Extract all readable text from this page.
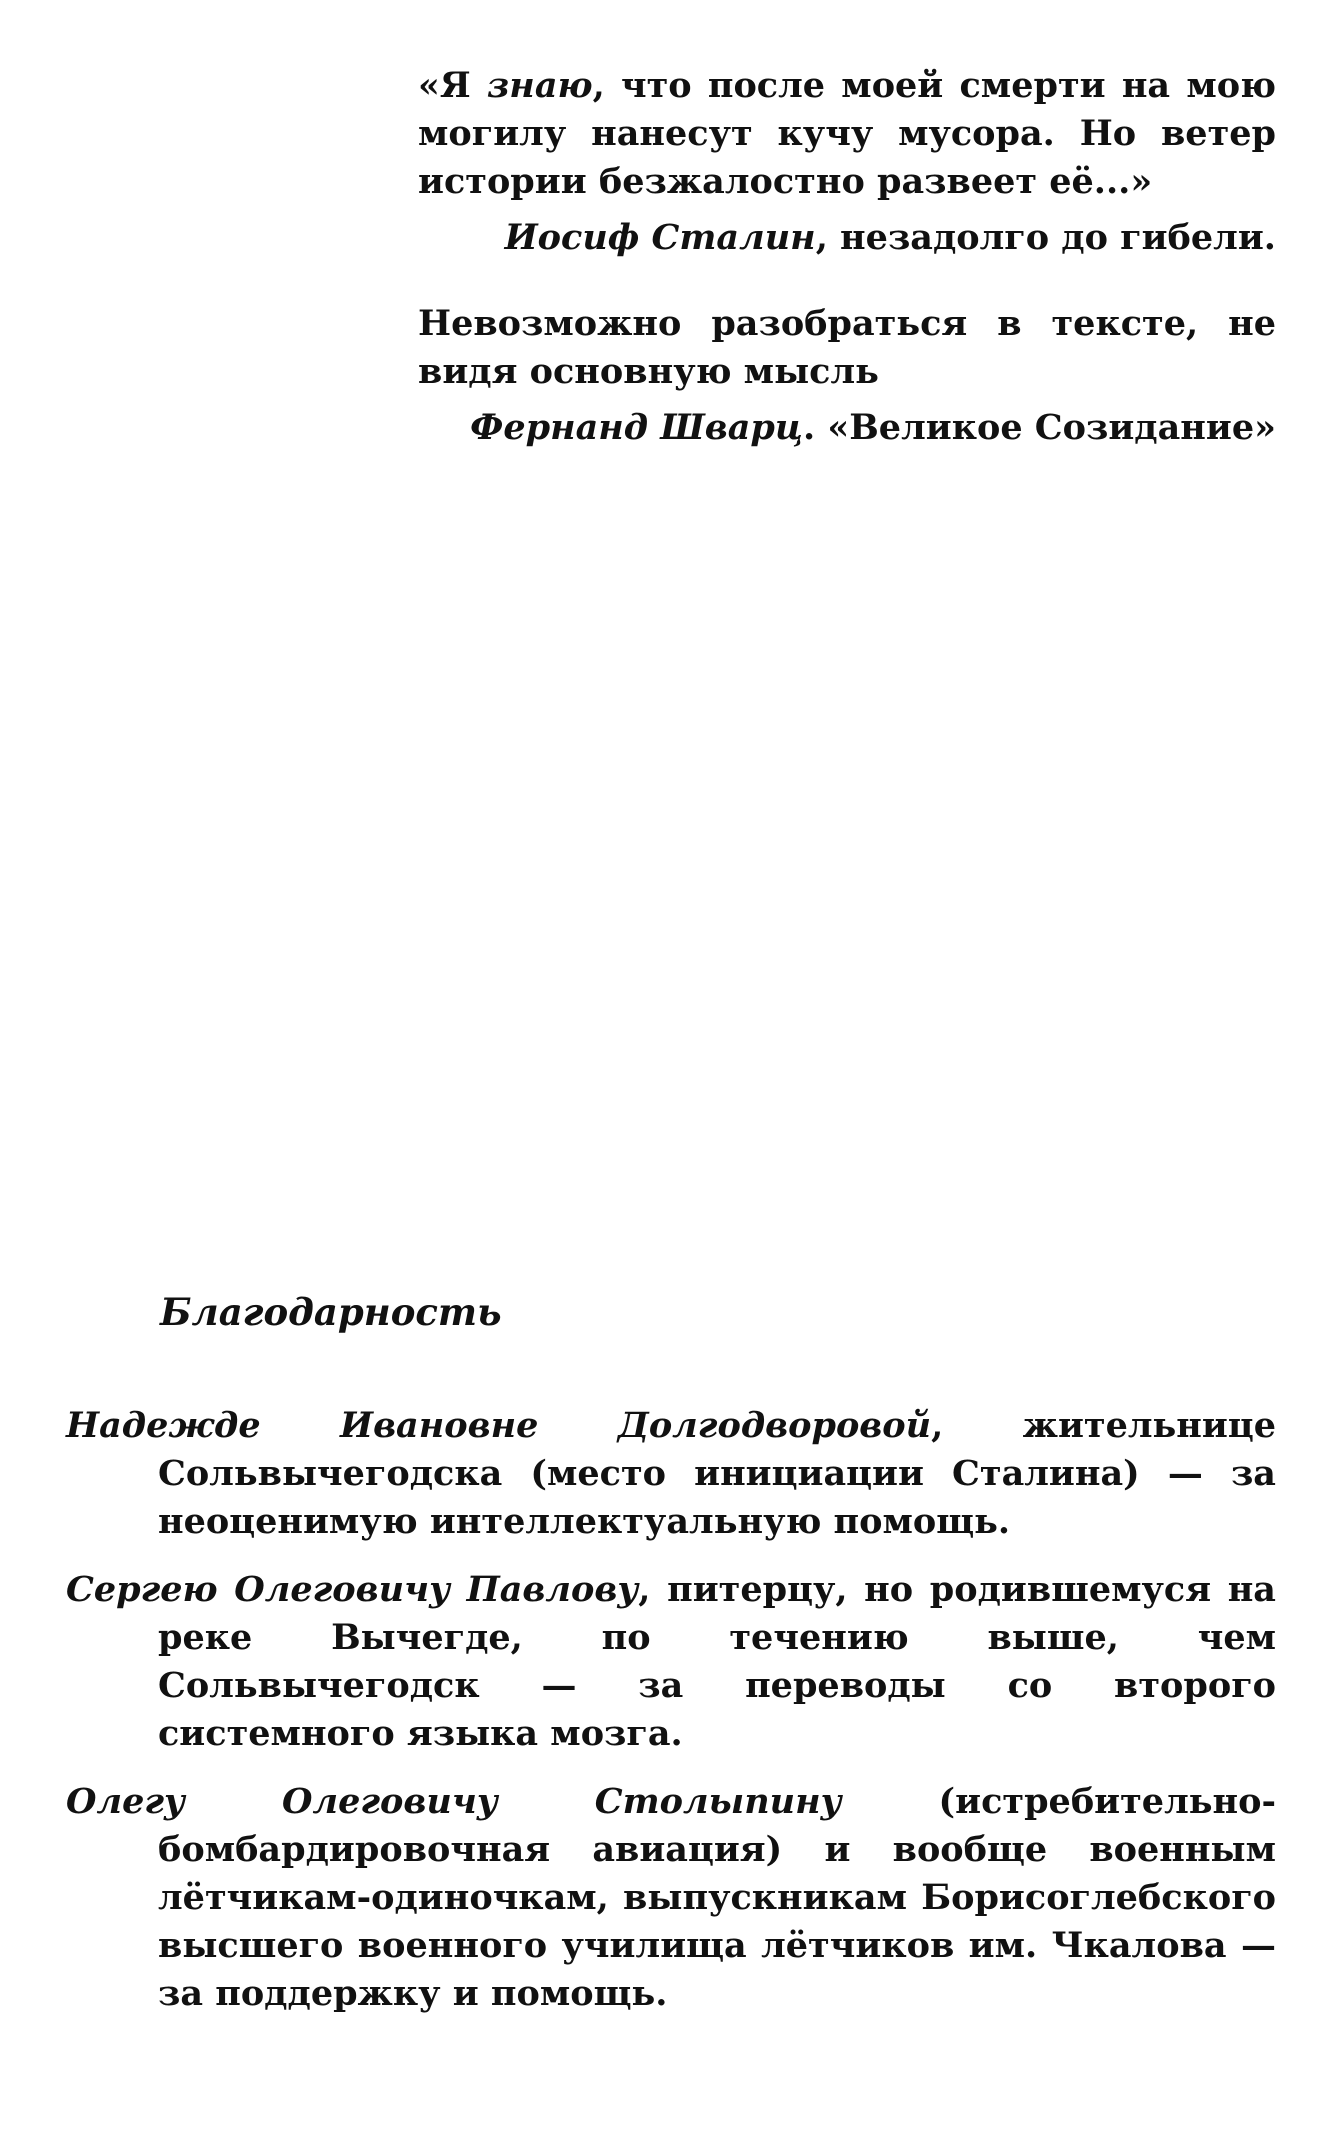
«Я знаю, что после моей смерти на мою могилу нанесут кучу мусора. Но ветер истории безжалостно развеет её...»

Иосиф Сталин, незадолго до гибели.

Невозможно разобраться в тексте, не видя основную мысль

Фернанд Шварц. «Великое Созидание»

Благодарность
Надежде Ивановне Долгодворовой, жительнице Сольвычегодска (место инициации Сталина) — за неоценимую интеллектуальную помощь.
Сергею Олеговичу Павлову, питерцу, но родившемуся на реке Вычегде, по течению выше, чем Сольвычегодск — за переводы со второго системного языка мозга.
Олегу Олеговичу Столыпину (истребительно-бомбардировочная авиация) и вообще военным лётчикам-одиночкам, выпускникам Борисоглебского высшего военного училища лётчиков им. Чкалова — за поддержку и помощь.
